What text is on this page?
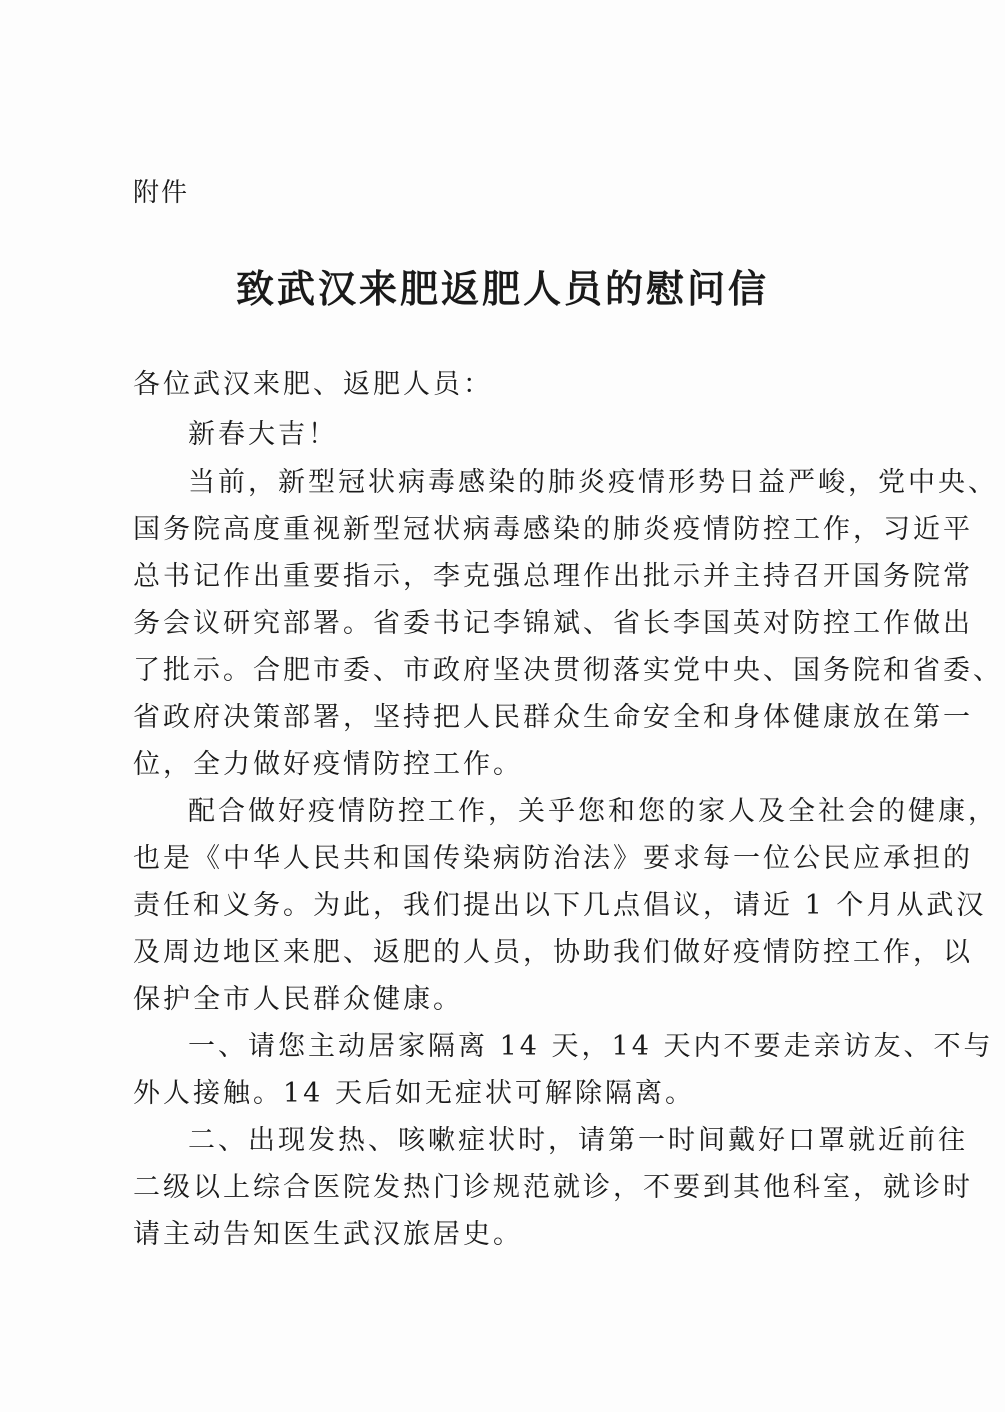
附件
致武汉来肥返肥人员的慰问信
各位武汉来肥、返肥人员：
新春大吉！
当前，新型冠状病毒感染的肺炎疫情形势日益严峻，党中央、
国务院高度重视新型冠状病毒感染的肺炎疫情防控工作，习近平
总书记作出重要指示，李克强总理作出批示并主持召开国务院常
务会议研究部署。省委书记李锦斌、省长李国英对防控工作做出
了批示。合肥市委、市政府坚决贯彻落实党中央、国务院和省委、
省政府决策部署，坚持把人民群众生命安全和身体健康放在第一
位，全力做好疫情防控工作。
配合做好疫情防控工作，关乎您和您的家人及全社会的健康，
也是《中华人民共和国传染病防治法》要求每一位公民应承担的
责任和义务。为此，我们提出以下几点倡议，请近 1 个月从武汉
及周边地区来肥、返肥的人员，协助我们做好疫情防控工作，以
保护全市人民群众健康。
一、请您主动居家隔离 14 天，14 天内不要走亲访友、不与
外人接触。14 天后如无症状可解除隔离。
二、出现发热、咳嗽症状时，请第一时间戴好口罩就近前往
二级以上综合医院发热门诊规范就诊，不要到其他科室，就诊时
请主动告知医生武汉旅居史。
